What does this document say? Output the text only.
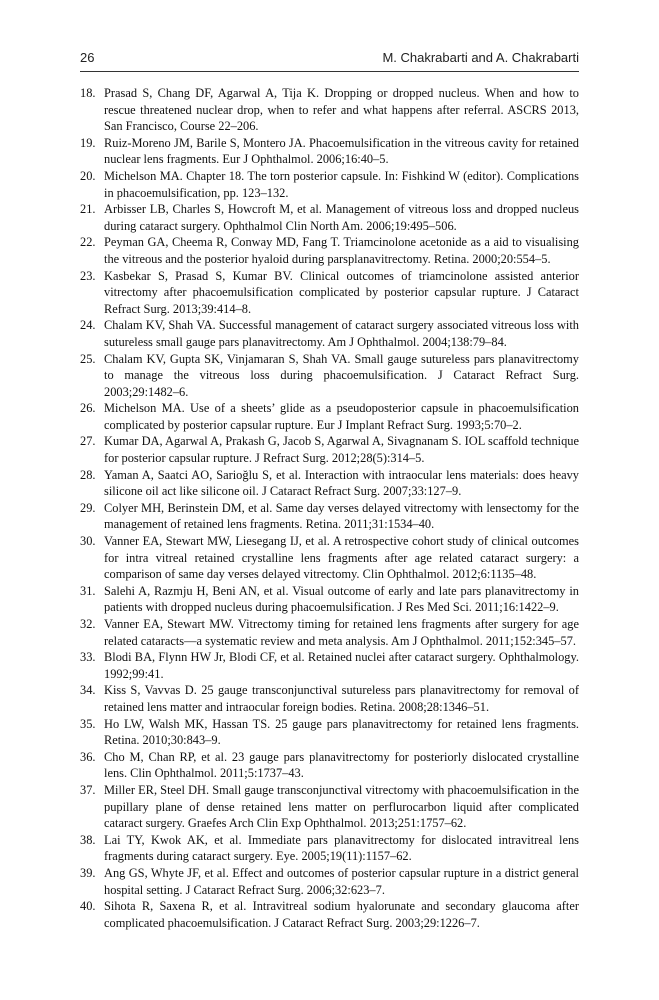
26	M. Chakrabarti and A. Chakrabarti
18. Prasad S, Chang DF, Agarwal A, Tija K. Dropping or dropped nucleus. When and how to rescue threatened nuclear drop, when to refer and what happens after referral. ASCRS 2013, San Francisco, Course 22–206.
19. Ruiz-Moreno JM, Barile S, Montero JA. Phacoemulsification in the vitreous cavity for retained nuclear lens fragments. Eur J Ophthalmol. 2006;16:40–5.
20. Michelson MA. Chapter 18. The torn posterior capsule. In: Fishkind W (editor). Complications in phacoemulsification, pp. 123–132.
21. Arbisser LB, Charles S, Howcroft M, et al. Management of vitreous loss and dropped nucleus during cataract surgery. Ophthalmol Clin North Am. 2006;19:495–506.
22. Peyman GA, Cheema R, Conway MD, Fang T. Triamcinolone acetonide as a aid to visualising the vitreous and the posterior hyaloid during parsplanavitrectomy. Retina. 2000;20:554–5.
23. Kasbekar S, Prasad S, Kumar BV. Clinical outcomes of triamcinolone assisted anterior vitrectomy after phacoemulsification complicated by posterior capsular rupture. J Cataract Refract Surg. 2013;39:414–8.
24. Chalam KV, Shah VA. Successful management of cataract surgery associated vitreous loss with sutureless small gauge pars planavitrectomy. Am J Ophthalmol. 2004;138:79–84.
25. Chalam KV, Gupta SK, Vinjamaran S, Shah VA. Small gauge sutureless pars planavitrectomy to manage the vitreous loss during phacoemulsification. J Cataract Refract Surg. 2003;29:1482–6.
26. Michelson MA. Use of a sheets’ glide as a pseudoposterior capsule in phacoemulsification complicated by posterior capsular rupture. Eur J Implant Refract Surg. 1993;5:70–2.
27. Kumar DA, Agarwal A, Prakash G, Jacob S, Agarwal A, Sivagnanam S. IOL scaffold technique for posterior capsular rupture. J Refract Surg. 2012;28(5):314–5.
28. Yaman A, Saatci AO, Sarioğlu S, et al. Interaction with intraocular lens materials: does heavy silicone oil act like silicone oil. J Cataract Refract Surg. 2007;33:127–9.
29. Colyer MH, Berinstein DM, et al. Same day verses delayed vitrectomy with lensectomy for the management of retained lens fragments. Retina. 2011;31:1534–40.
30. Vanner EA, Stewart MW, Liesegang IJ, et al. A retrospective cohort study of clinical outcomes for intra vitreal retained crystalline lens fragments after age related cataract surgery: a comparison of same day verses delayed vitrectomy. Clin Ophthalmol. 2012;6:1135–48.
31. Salehi A, Razmju H, Beni AN, et al. Visual outcome of early and late pars planavitrectomy in patients with dropped nucleus during phacoemulsification. J Res Med Sci. 2011;16:1422–9.
32. Vanner EA, Stewart MW. Vitrectomy timing for retained lens fragments after surgery for age related cataracts—a systematic review and meta analysis. Am J Ophthalmol. 2011;152:345–57.
33. Blodi BA, Flynn HW Jr, Blodi CF, et al. Retained nuclei after cataract surgery. Ophthalmology. 1992;99:41.
34. Kiss S, Vavvas D. 25 gauge transconjunctival sutureless pars planavitrectomy for removal of retained lens matter and intraocular foreign bodies. Retina. 2008;28:1346–51.
35. Ho LW, Walsh MK, Hassan TS. 25 gauge pars planavitrectomy for retained lens fragments. Retina. 2010;30:843–9.
36. Cho M, Chan RP, et al. 23 gauge pars planavitrectomy for posteriorly dislocated crystalline lens. Clin Ophthalmol. 2011;5:1737–43.
37. Miller ER, Steel DH. Small gauge transconjunctival vitrectomy with phacoemulsification in the pupillary plane of dense retained lens matter on perflurocarbon liquid after complicated cataract surgery. Graefes Arch Clin Exp Ophthalmol. 2013;251:1757–62.
38. Lai TY, Kwok AK, et al. Immediate pars planavitrectomy for dislocated intravitreal lens fragments during cataract surgery. Eye. 2005;19(11):1157–62.
39. Ang GS, Whyte JF, et al. Effect and outcomes of posterior capsular rupture in a district general hospital setting. J Cataract Refract Surg. 2006;32:623–7.
40. Sihota R, Saxena R, et al. Intravitreal sodium hyalorunate and secondary glaucoma after complicated phacoemulsification. J Cataract Refract Surg. 2003;29:1226–7.
